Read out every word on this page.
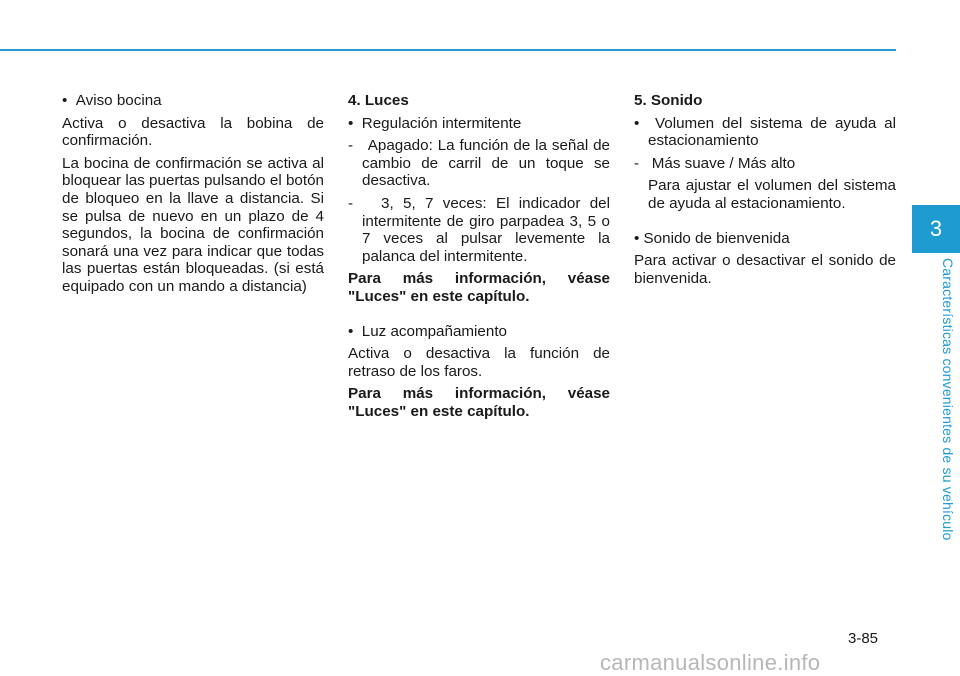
•  Aviso bocina

Activa o desactiva la bobina de confirmación.

La bocina de confirmación se activa al bloquear las puertas pulsando el botón de bloqueo en la llave a distancia. Si se pulsa de nuevo en un plazo de 4 segundos, la bocina de confirmación sonará una vez para indicar que todas las puertas están bloqueadas. (si está equipado con un mando a distancia)

4. Luces

•  Regulación intermitente

-   Apagado: La función de la señal de cambio de carril de un toque se desactiva.

-   3, 5, 7 veces: El indicador del intermitente de giro parpadea 3, 5 o 7 veces al pulsar levemente la palanca del intermitente.

Para más información, véase "Luces" en este capítulo.

•  Luz acompañamiento

Activa o desactiva la función de retraso de los faros.

Para más información, véase "Luces" en este capítulo.

5. Sonido

•  Volumen del sistema de ayuda al estacionamiento

-   Más suave / Más alto

Para ajustar el volumen del sistema de ayuda al estacionamiento.

• Sonido de bienvenida

Para activar o desactivar el sonido de bienvenida.

3
Características convenientes de su vehículo
3-85
carmanualsonline.info
